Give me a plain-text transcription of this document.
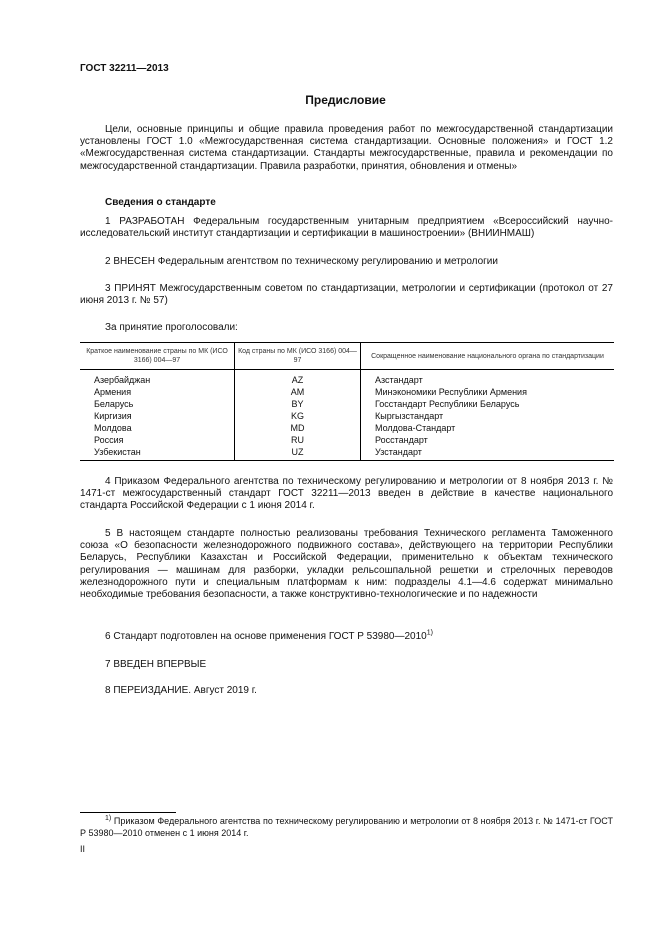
ГОСТ 32211—2013
Предисловие
Цели, основные принципы и общие правила проведения работ по межгосударственной стандартизации установлены ГОСТ 1.0 «Межгосударственная система стандартизации. Основные положения» и ГОСТ 1.2 «Межгосударственная система стандартизации. Стандарты межгосударственные, правила и рекомендации по межгосударственной стандартизации. Правила разработки, принятия, обновления и отмены»
Сведения о стандарте
1 РАЗРАБОТАН Федеральным государственным унитарным предприятием «Всероссийский научно-исследовательский институт стандартизации и сертификации в машиностроении» (ВНИИНМАШ)
2 ВНЕСЕН Федеральным агентством по техническому регулированию и метрологии
3 ПРИНЯТ Межгосударственным советом по стандартизации, метрологии и сертификации (протокол от 27 июня 2013 г. № 57)
За принятие проголосовали:
Краткое наименование страны по МК (ИСО 3166) 004—97	Код страны по МК (ИСО 3166) 004—97	Сокращенное наименование национального органа по стандартизации
Азербайджан	AZ	Азстандарт
Армения	AM	Минэкономики Республики Армения
Беларусь	BY	Госстандарт Республики Беларусь
Киргизия	KG	Кыргызстандарт
Молдова	MD	Молдова-Стандарт
Россия	RU	Росстандарт
Узбекистан	UZ	Узстандарт
4 Приказом Федерального агентства по техническому регулированию и метрологии от 8 ноября 2013 г. № 1471-ст межгосударственный стандарт ГОСТ 32211—2013 введен в действие в качестве национального стандарта Российской Федерации с 1 июня 2014 г.
5 В настоящем стандарте полностью реализованы требования Технического регламента Таможенного союза «О безопасности железнодорожного подвижного состава», действующего на территории Республики Беларусь, Республики Казахстан и Российской Федерации, применительно к объектам технического регулирования — машинам для разборки, укладки рельсошпальной решетки и стрелочных переводов железнодорожного пути и специальным платформам к ним: подразделы 4.1—4.6 содержат минимально необходимые требования безопасности, а также конструктивно-технологические и по надежности
6 Стандарт подготовлен на основе применения ГОСТ Р 53980—2010$^{1)}$
7 ВВЕДЕН ВПЕРВЫЕ
8 ПЕРЕИЗДАНИЕ. Август 2019 г.
$^{1)}$ Приказом Федерального агентства по техническому регулированию и метрологии от 8 ноября 2013 г. № 1471-ст ГОСТ Р 53980—2010 отменен с 1 июня 2014 г.
II
